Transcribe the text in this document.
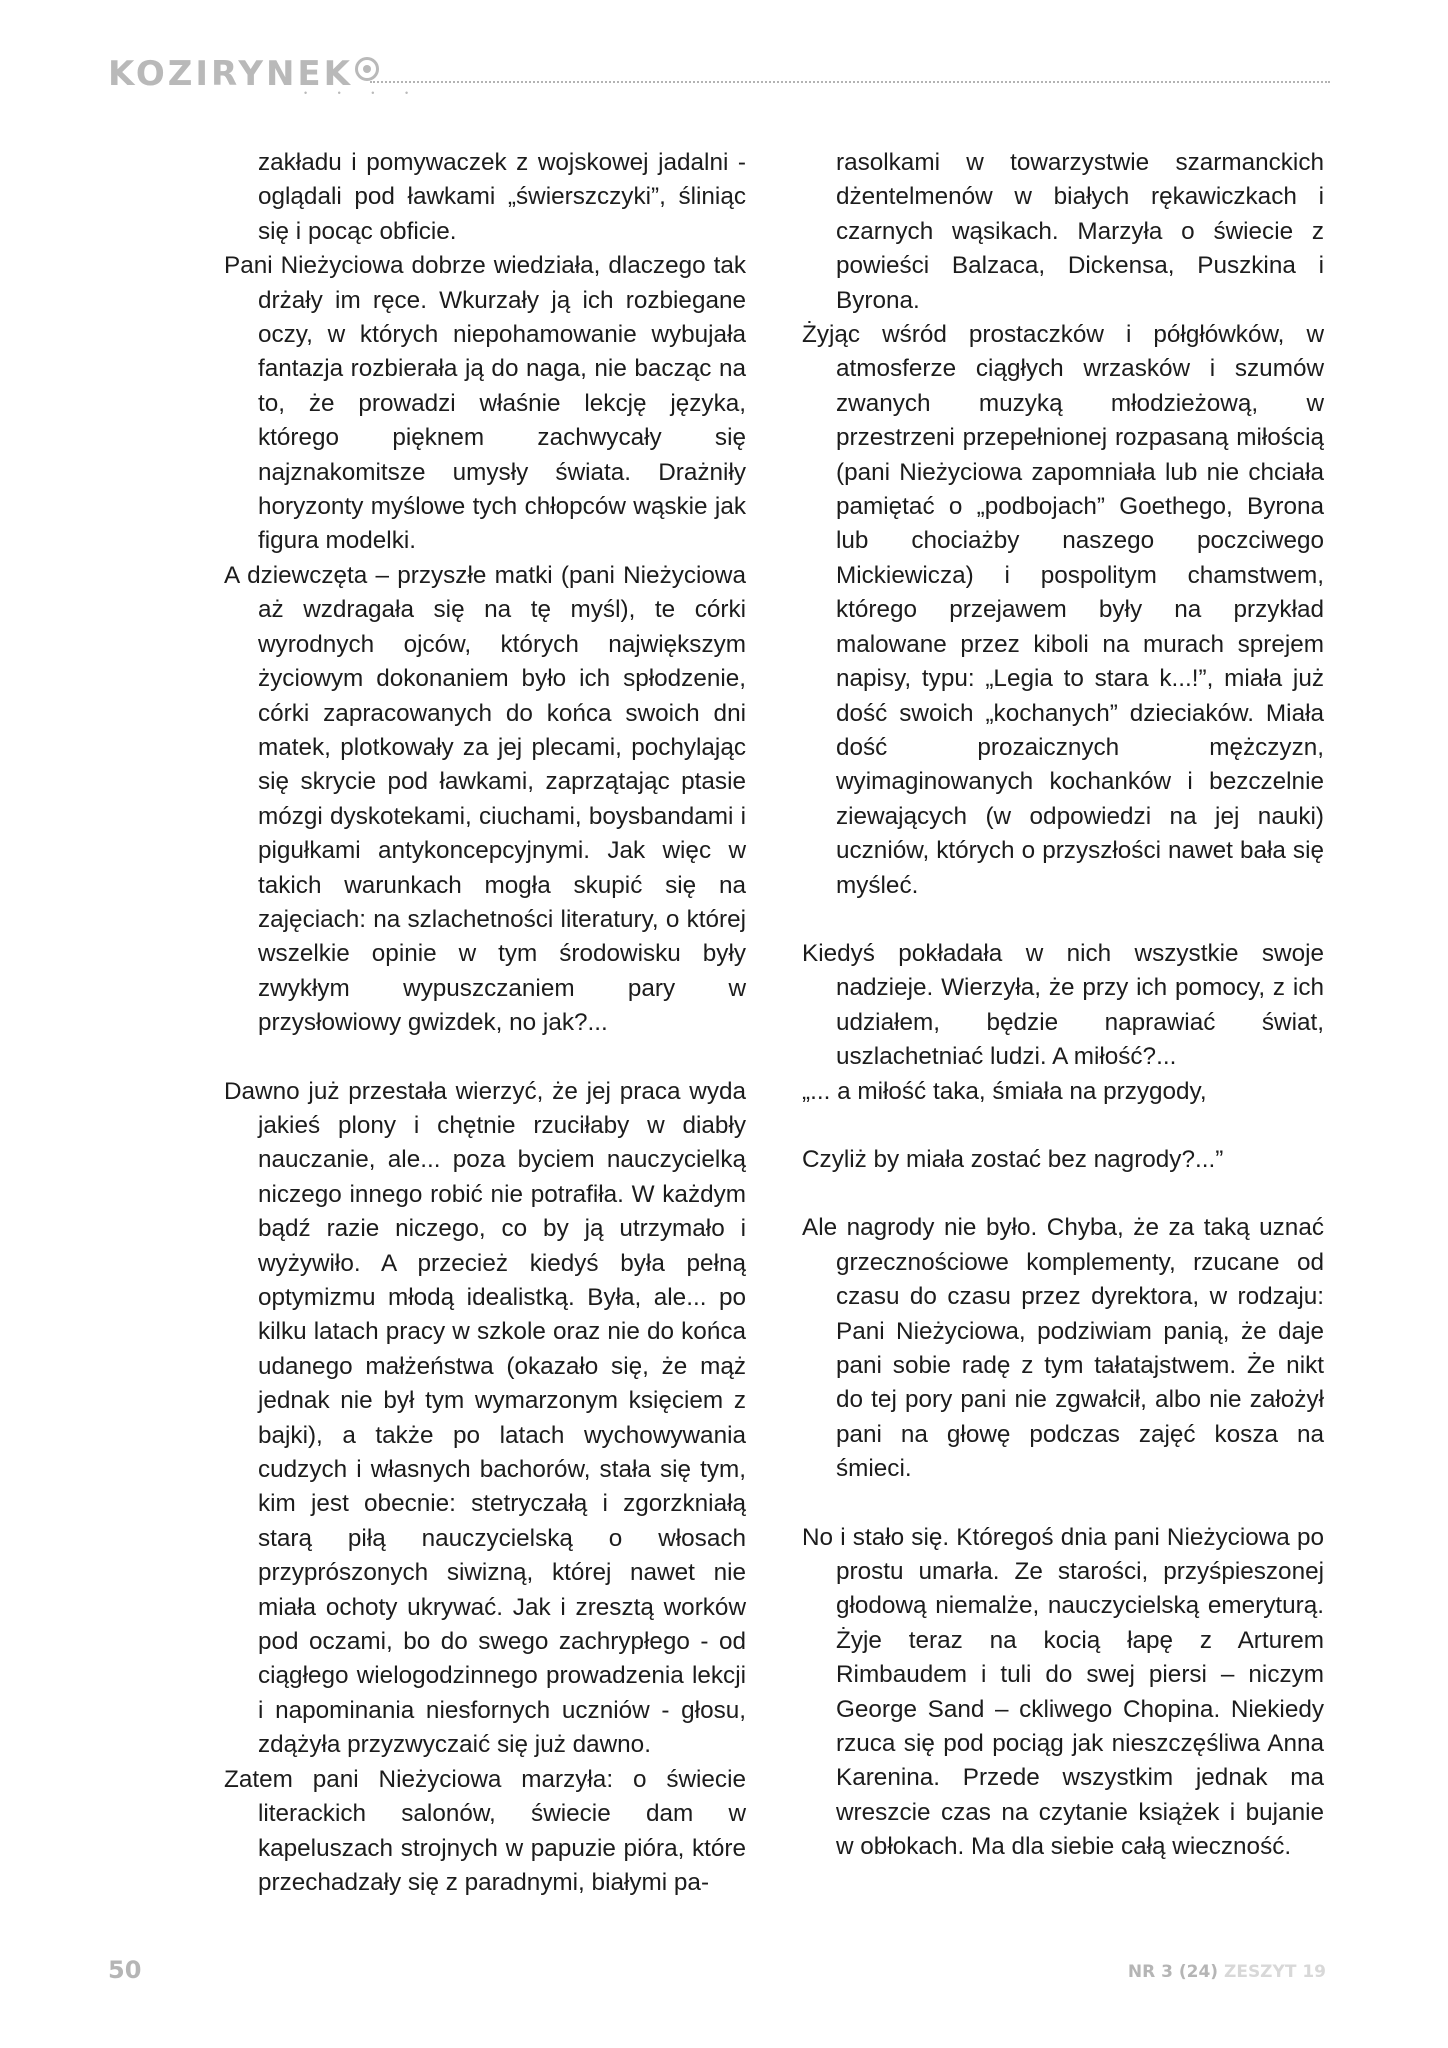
KOZIRYNEK
• • • •

zakładu i pomywaczek z wojskowej jadalni - oglądali pod ławkami „świerszczyki”, śliniąc się i pocąc obficie.

Pani Nieżyciowa dobrze wiedziała, dlaczego tak drżały im ręce. Wkurzały ją ich rozbiegane oczy, w których niepohamowanie wybujała fantazja rozbierała ją do naga, nie bacząc na to, że prowadzi właśnie lekcję języka, którego pięknem zachwycały się najznakomitsze umysły świata. Drażniły horyzonty myślowe tych chłopców wąskie jak figura modelki.

A dziewczęta – przyszłe matki (pani Nieżyciowa aż wzdragała się na tę myśl), te córki wyrodnych ojców, których największym życiowym dokonaniem było ich spłodzenie, córki zapracowanych do końca swoich dni matek, plotkowały za jej plecami, pochylając się skrycie pod ławkami, zaprzątając ptasie mózgi dyskotekami, ciuchami, boysbandami i pigułkami antykoncepcyjnymi. Jak więc w takich warunkach mogła skupić się na zajęciach: na szlachetności literatury, o której wszelkie opinie w tym środowisku były zwykłym wypuszczaniem pary w przysłowiowy gwizdek, no jak?...

Dawno już przestała wierzyć, że jej praca wyda jakieś plony i chętnie rzuciłaby w diabły nauczanie, ale... poza byciem nauczycielką niczego innego robić nie potrafiła. W każdym bądź razie niczego, co by ją utrzymało i wyżywiło. A przecież kiedyś była pełną optymizmu młodą idealistką. Była, ale... po kilku latach pracy w szkole oraz nie do końca udanego małżeństwa (okazało się, że mąż jednak nie był tym wymarzonym księciem z bajki), a także po latach wychowywania cudzych i własnych bachorów, stała się tym, kim jest obecnie: stetryczałą i zgorzkniałą starą piłą nauczycielską o włosach przyprószonych siwizną, której nawet nie miała ochoty ukrywać. Jak i zresztą worków pod oczami, bo do swego zachrypłego - od ciągłego wielogodzinnego prowadzenia lekcji i napominania niesfornych uczniów - głosu, zdążyła przyzwyczaić się już dawno.

Zatem pani Nieżyciowa marzyła: o świecie literackich salonów, świecie dam w kapeluszach strojnych w papuzie pióra, które przechadzały się z paradnymi, białymi pa-

rasolkami w towarzystwie szarmanckich dżentelmenów w białych rękawiczkach i czarnych wąsikach. Marzyła o świecie z powieści Balzaca, Dickensa, Puszkina i Byrona.

Żyjąc wśród prostaczków i półgłówków, w atmosferze ciągłych wrzasków i szumów zwanych muzyką młodzieżową, w przestrzeni przepełnionej rozpasaną miłością (pani Nieżyciowa zapomniała lub nie chciała pamiętać o „podbojach” Goethego, Byrona lub chociażby naszego poczciwego Mickiewicza) i pospolitym chamstwem, którego przejawem były na przykład malowane przez kiboli na murach sprejem napisy, typu: „Legia to stara k...!”, miała już dość swoich „kochanych” dzieciaków. Miała dość prozaicznych mężczyzn, wyimaginowanych kochanków i bezczelnie ziewających (w odpowiedzi na jej nauki) uczniów, których o przyszłości nawet bała się myśleć.

Kiedyś pokładała w nich wszystkie swoje nadzieje. Wierzyła, że przy ich pomocy, z ich udziałem, będzie naprawiać świat, uszlachetniać ludzi. A miłość?...

„... a miłość taka, śmiała na przygody,

Czyliż by miała zostać bez nagrody?...”

Ale nagrody nie było. Chyba, że za taką uznać grzecznościowe komplementy, rzucane od czasu do czasu przez dyrektora, w rodzaju: Pani Nieżyciowa, podziwiam panią, że daje pani sobie radę z tym tałatajstwem. Że nikt do tej pory pani nie zgwałcił, albo nie założył pani na głowę podczas zajęć kosza na śmieci.

No i stało się. Któregoś dnia pani Nieżyciowa po prostu umarła. Ze starości, przyśpieszonej głodową niemalże, nauczycielską emeryturą. Żyje teraz na kocią łapę z Arturem Rimbaudem i tuli do swej piersi – niczym George Sand – ckliwego Chopina. Niekiedy rzuca się pod pociąg jak nieszczęśliwa Anna Karenina. Przede wszystkim jednak ma wreszcie czas na czytanie książek i bujanie w obłokach. Ma dla siebie całą wieczność.

50	NR 3 (24) ZESZYT 19
